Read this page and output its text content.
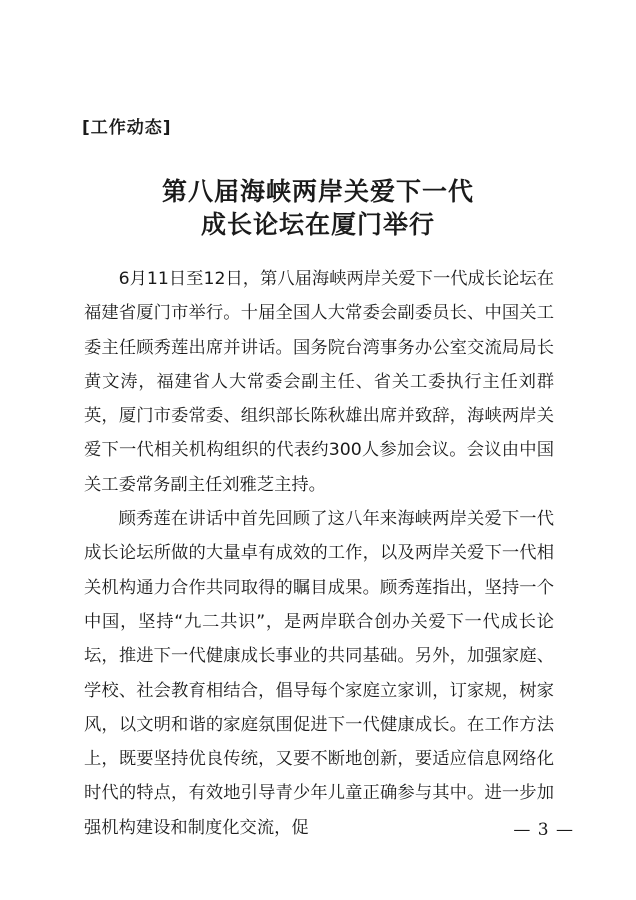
[工作动态]
第八届海峡两岸关爱下一代
成长论坛在厦门举行

6月11日至12日，第八届海峡两岸关爱下一代成长论坛在福建省厦门市举行。十届全国人大常委会副委员长、中国关工委主任顾秀莲出席并讲话。国务院台湾事务办公室交流局局长黄文涛，福建省人大常委会副主任、省关工委执行主任刘群英，厦门市委常委、组织部长陈秋雄出席并致辞，海峡两岸关爱下一代相关机构组织的代表约300人参加会议。会议由中国关工委常务副主任刘雅芝主持。

顾秀莲在讲话中首先回顾了这八年来海峡两岸关爱下一代成长论坛所做的大量卓有成效的工作，以及两岸关爱下一代相关机构通力合作共同取得的瞩目成果。顾秀莲指出，坚持一个中国，坚持“九二共识”，是两岸联合创办关爱下一代成长论坛，推进下一代健康成长事业的共同基础。另外，加强家庭、学校、社会教育相结合，倡导每个家庭立家训，订家规，树家风，以文明和谐的家庭氛围促进下一代健康成长。在工作方法上，既要坚持优良传统，又要不断地创新，要适应信息网络化时代的特点，有效地引导青少年儿童正确参与其中。进一步加强机构建设和制度化交流，促	— 3 —
